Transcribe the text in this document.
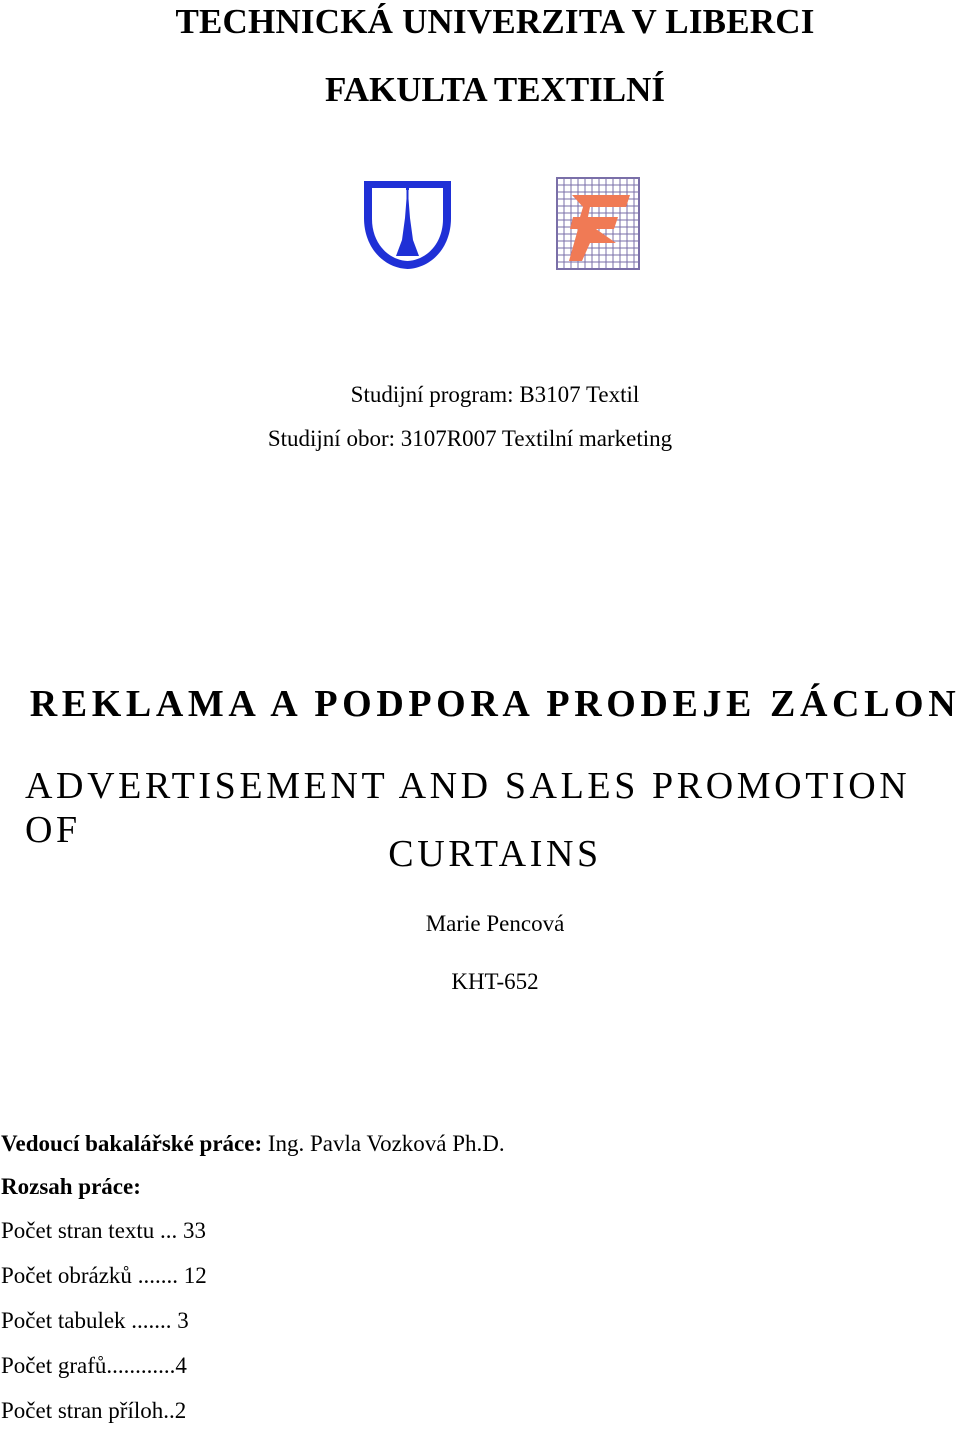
TECHNICKÁ UNIVERZITA V LIBERCI
FAKULTA TEXTILNÍ
Studijní program: B3107 Textil
Studijní obor: 3107R007 Textilní marketing
REKLAMA A PODPORA PRODEJE ZÁCLON
ADVERTISEMENT AND SALES PROMOTION OF
CURTAINS
Marie Pencová
KHT-652
Vedoucí bakalářské práce: Ing. Pavla Vozková Ph.D.
Rozsah práce:
Počet stran textu ... 33
Počet obrázků ....... 12
Počet tabulek ....... 3
Počet grafů............4
Počet stran příloh..2
